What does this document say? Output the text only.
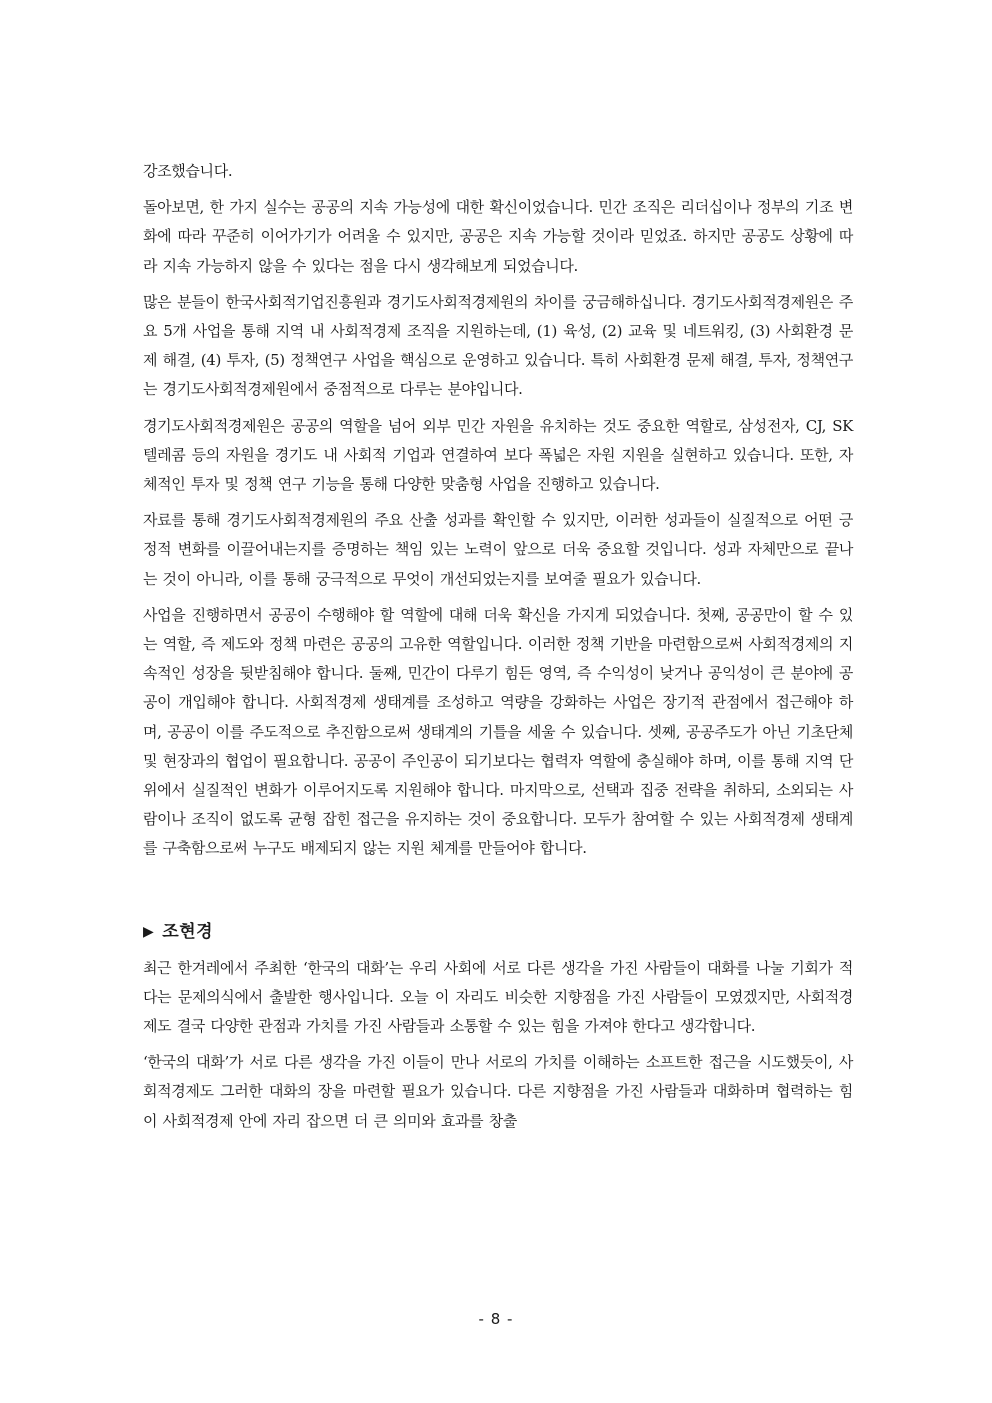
강조했습니다.

돌아보면, 한 가지 실수는 공공의 지속 가능성에 대한 확신이었습니다. 민간 조직은 리더십이나 정부의 기조 변화에 따라 꾸준히 이어가기가 어려울 수 있지만, 공공은 지속 가능할 것이라 믿었죠. 하지만 공공도 상황에 따라 지속 가능하지 않을 수 있다는 점을 다시 생각해보게 되었습니다.

많은 분들이 한국사회적기업진흥원과 경기도사회적경제원의 차이를 궁금해하십니다. 경기도사회적경제원은 주요 5개 사업을 통해 지역 내 사회적경제 조직을 지원하는데, (1) 육성, (2) 교육 및 네트워킹, (3) 사회환경 문제 해결, (4) 투자, (5) 정책연구 사업을 핵심으로 운영하고 있습니다. 특히 사회환경 문제 해결, 투자, 정책연구는 경기도사회적경제원에서 중점적으로 다루는 분야입니다.

경기도사회적경제원은 공공의 역할을 넘어 외부 민간 자원을 유치하는 것도 중요한 역할로, 삼성전자, CJ, SK텔레콤 등의 자원을 경기도 내 사회적 기업과 연결하여 보다 폭넓은 자원 지원을 실현하고 있습니다. 또한, 자체적인 투자 및 정책 연구 기능을 통해 다양한 맞춤형 사업을 진행하고 있습니다.

자료를 통해 경기도사회적경제원의 주요 산출 성과를 확인할 수 있지만, 이러한 성과들이 실질적으로 어떤 긍정적 변화를 이끌어내는지를 증명하는 책임 있는 노력이 앞으로 더욱 중요할 것입니다. 성과 자체만으로 끝나는 것이 아니라, 이를 통해 궁극적으로 무엇이 개선되었는지를 보여줄 필요가 있습니다.

사업을 진행하면서 공공이 수행해야 할 역할에 대해 더욱 확신을 가지게 되었습니다. 첫째, 공공만이 할 수 있는 역할, 즉 제도와 정책 마련은 공공의 고유한 역할입니다. 이러한 정책 기반을 마련함으로써 사회적경제의 지속적인 성장을 뒷받침해야 합니다. 둘째, 민간이 다루기 힘든 영역, 즉 수익성이 낮거나 공익성이 큰 분야에 공공이 개입해야 합니다. 사회적경제 생태계를 조성하고 역량을 강화하는 사업은 장기적 관점에서 접근해야 하며, 공공이 이를 주도적으로 추진함으로써 생태계의 기틀을 세울 수 있습니다. 셋째, 공공주도가 아닌 기초단체 및 현장과의 협업이 필요합니다. 공공이 주인공이 되기보다는 협력자 역할에 충실해야 하며, 이를 통해 지역 단위에서 실질적인 변화가 이루어지도록 지원해야 합니다. 마지막으로, 선택과 집중 전략을 취하되, 소외되는 사람이나 조직이 없도록 균형 잡힌 접근을 유지하는 것이 중요합니다. 모두가 참여할 수 있는 사회적경제 생태계를 구축함으로써 누구도 배제되지 않는 지원 체계를 만들어야 합니다.

▶ 조현경

최근 한겨레에서 주최한 ‘한국의 대화’는 우리 사회에 서로 다른 생각을 가진 사람들이 대화를 나눌 기회가 적다는 문제의식에서 출발한 행사입니다. 오늘 이 자리도 비슷한 지향점을 가진 사람들이 모였겠지만, 사회적경제도 결국 다양한 관점과 가치를 가진 사람들과 소통할 수 있는 힘을 가져야 한다고 생각합니다.

‘한국의 대화’가 서로 다른 생각을 가진 이들이 만나 서로의 가치를 이해하는 소프트한 접근을 시도했듯이, 사회적경제도 그러한 대화의 장을 마련할 필요가 있습니다. 다른 지향점을 가진 사람들과 대화하며 협력하는 힘이 사회적경제 안에 자리 잡으면 더 큰 의미와 효과를 창출

- 8 -
